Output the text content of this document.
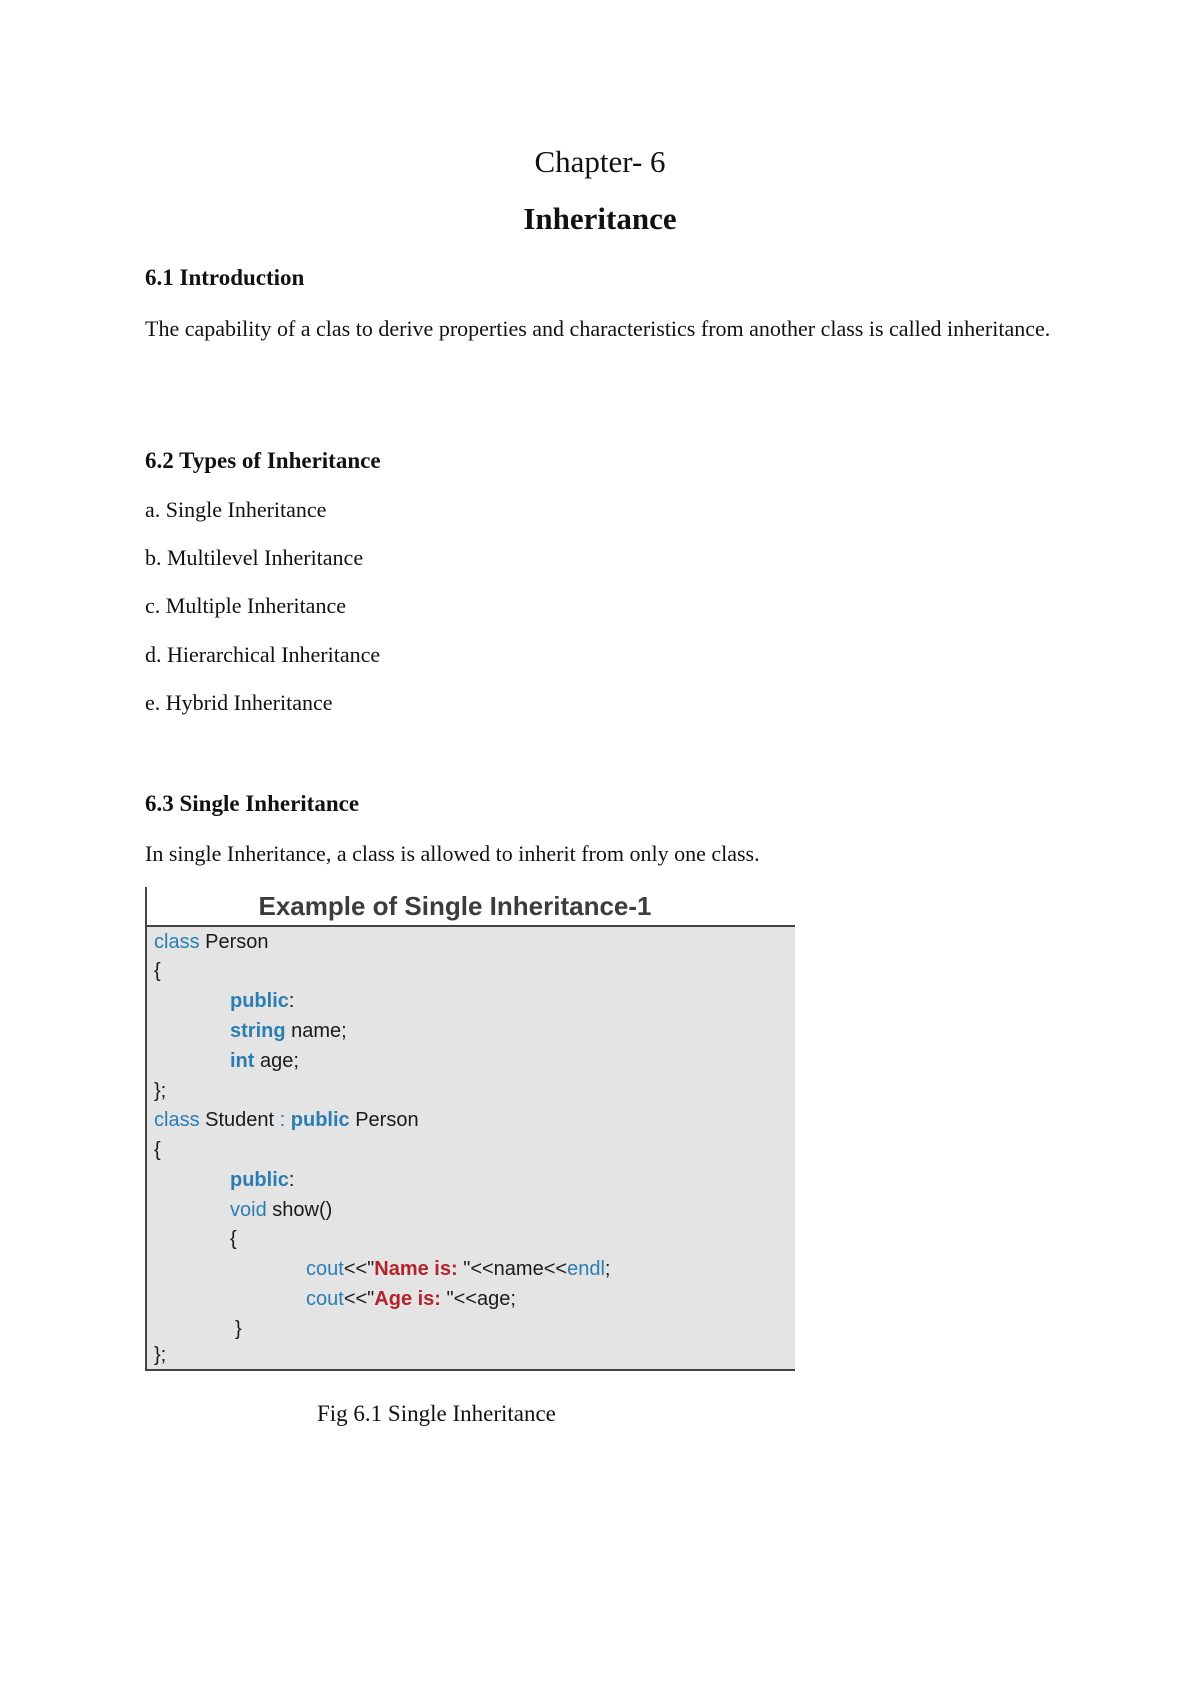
Chapter- 6
Inheritance
6.1 Introduction
The capability of a clas to derive properties and characteristics from another class is called inheritance.
6.2 Types of Inheritance
a. Single Inheritance
b. Multilevel Inheritance
c. Multiple Inheritance
d. Hierarchical Inheritance
e. Hybrid Inheritance
6.3 Single Inheritance
In single Inheritance, a class is allowed to inherit from only one class.
Example of Single Inheritance-1
class Person
{
public:
string name;
int age;
};
class Student : public Person
{
public:
void show()
{
cout<<"Name is: "<<name<<endl;
cout<<"Age is: "<<age;
}
};
Fig 6.1 Single Inheritance
